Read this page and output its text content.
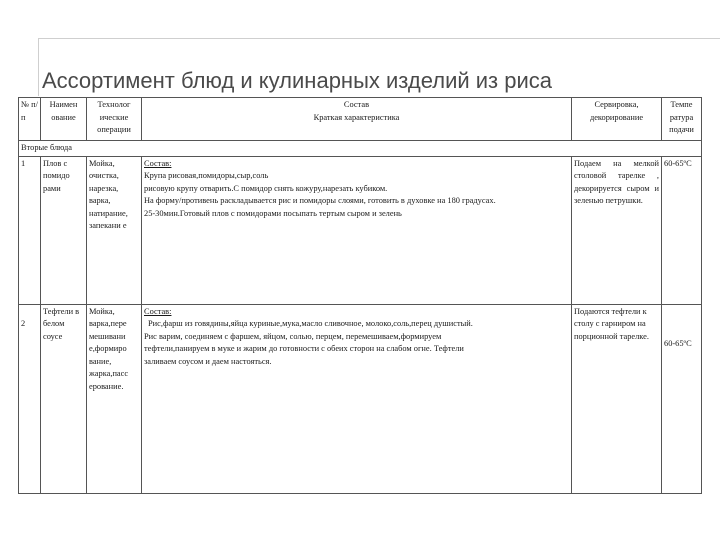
Ассортимент блюд и кулинарных изделий из риса
№ п/п	Наимен ование	Технолог ические операции	Состав
Краткая характеристика	Сервировка, декорирование	Темпе ратура подачи
Вторые блюда					
1	Плов с помидо рами	Мойка, очистка, нарезка, варка, натирание, запекани е	Состав:
Крупа рисовая,помидоры,сыр,соль
рисовую крупу отварить.С помидор снять кожуру,нарезать кубиком.
На форму/противень раскладывается рис и помидоры слоями, готовить в духовке на 180 градусах.
25-30мин.Готовый плов с помидорами посыпать тертым сыром и зелень	Подаем на мелкой столовой тарелке , декорируется сыром и зеленью петрушки.	60-65ºС

2	Тефтели в белом соусе	Мойка, варка,пере мешивани е,формиро вание, жарка,пасс ерование.	Состав:
Рис,фарш из говядины,яйца куриные,мука,масло сливочное, молоко,соль,перец душистый.
Рис варим, соединяем с фаршем, яйцом, солью, перцем, перемешиваем,формируем
тефтели,панируем в муке и жарим до готовности с обеих сторон на слабом огне. Тефтели
заливаем соусом и даем настояться.	Подаются тефтели к столу с гарниром на порционной тарелке.	60-65ºС
